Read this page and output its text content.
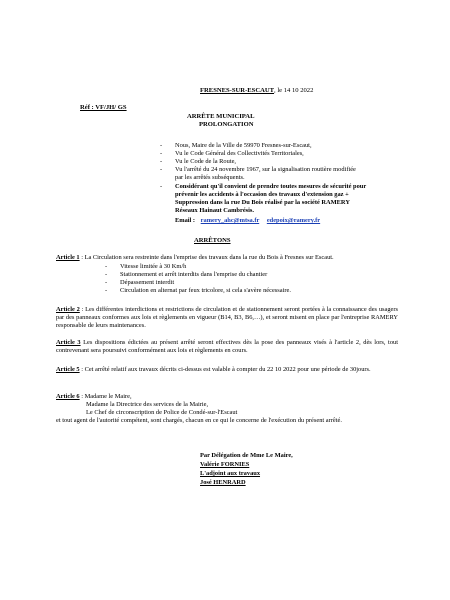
FRESNES-SUR-ESCAUT, le 14 10 2022
Réf : VF/JH/ GS
ARRÊTE MUNICIPAL
PROLONGATION
- Nous, Maire de la Ville de 59970 Fresnes-sur-Escaut,
- Vu le Code Général des Collectivités Territoriales,
- Vu le Code de la Route,
- Vu l'arrêté du 24 novembre 1967, sur la signalisation routière modifiée
par les arrêtés subséquents.
- Considérant qu'il convient de prendre toutes mesures de sécurité pour
prévenir les accidents à l'occasion des travaux d'extension gaz +
Suppression dans la rue Du Bois réalisé par la société RAMERY
Réseaux Hainaut Cambrésis.
Email : ramery_ahc@mtsa.fr edepoix@ramery.fr
ARRÊTONS
Article 1 : La Circulation sera restreinte dans l'emprise des travaux dans la rue du Bois à Fresnes sur Escaut.
- Vitesse limitée à 30 Km/h
- Stationnement et arrêt interdits dans l'emprise du chantier
- Dépassement interdit
- Circulation en alternat par feux tricolore, si cela s'avère nécessaire.
Article 2 : Les différentes interdictions et restrictions de circulation et de stationnement seront portées à la connaissance des usagers par des panneaux conformes aux lois et règlements en vigueur (B14, B3, B6,…), et seront misent en place par l'entreprise RAMERY responsable de leurs maintenances.
Article 3 Les dispositions édictées au présent arrêté seront effectives dès la pose des panneaux visés à l'article 2, dès lors, tout contrevenant sera poursuivi conformément aux lois et règlements en cours.
Article 5 : Cet arrêté relatif aux travaux décrits ci-dessus est valable à compter du 22 10 2022 pour une période de 30jours.
Article 6 : Madame le Maire,
Madame la Directrice des services de la Mairie,
Le Chef de circonscription de Police de Condé-sur-l'Escaut
et tout agent de l'autorité compétent, sont chargés, chacun en ce qui le concerne de l'exécution du présent arrêté.
Par Délégation de Mme Le Maire,
Valérie FORNIES
L'adjoint aux travaux
José HENRARD
